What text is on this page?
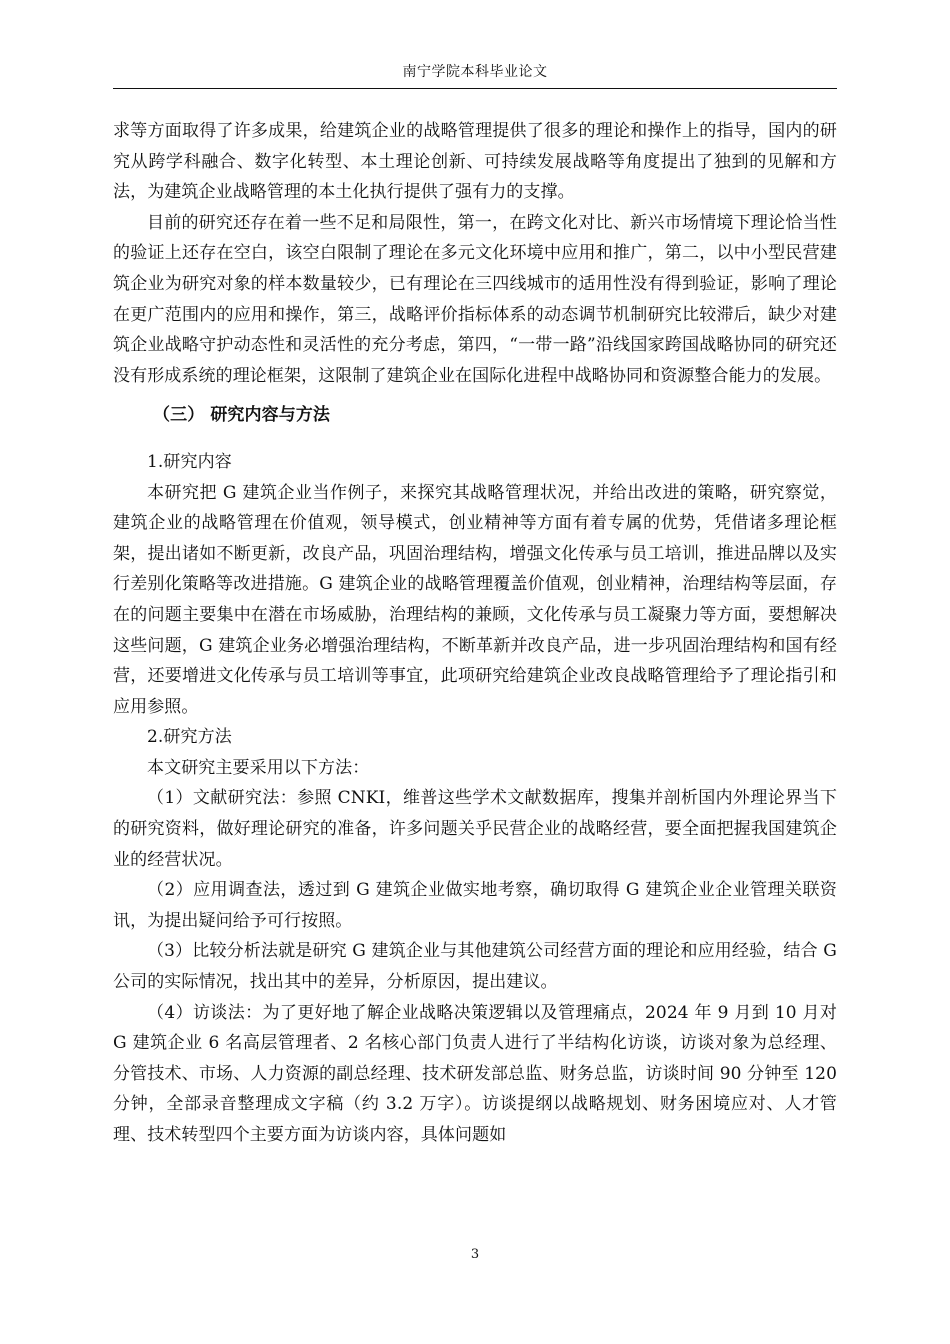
南宁学院本科毕业论文

求等方面取得了许多成果，给建筑企业的战略管理提供了很多的理论和操作上的指导，国内的研究从跨学科融合、数字化转型、本土理论创新、可持续发展战略等角度提出了独到的见解和方法，为建筑企业战略管理的本土化执行提供了强有力的支撑。

目前的研究还存在着一些不足和局限性，第一，在跨文化对比、新兴市场情境下理论恰当性的验证上还存在空白，该空白限制了理论在多元文化环境中应用和推广，第二，以中小型民营建筑企业为研究对象的样本数量较少，已有理论在三四线城市的适用性没有得到验证，影响了理论在更广范围内的应用和操作，第三，战略评价指标体系的动态调节机制研究比较滞后，缺少对建筑企业战略守护动态性和灵活性的充分考虑，第四，“一带一路”沿线国家跨国战略协同的研究还没有形成系统的理论框架，这限制了建筑企业在国际化进程中战略协同和资源整合能力的发展。

（三） 研究内容与方法

1.研究内容

本研究把 G 建筑企业当作例子，来探究其战略管理状况，并给出改进的策略，研究察觉，建筑企业的战略管理在价值观，领导模式，创业精神等方面有着专属的优势，凭借诸多理论框架，提出诸如不断更新，改良产品，巩固治理结构，增强文化传承与员工培训，推进品牌以及实行差别化策略等改进措施。G 建筑企业的战略管理覆盖价值观，创业精神，治理结构等层面，存在的问题主要集中在潜在市场威胁，治理结构的兼顾，文化传承与员工凝聚力等方面，要想解决这些问题，G 建筑企业务必增强治理结构，不断革新并改良产品，进一步巩固治理结构和国有经营，还要增进文化传承与员工培训等事宜，此项研究给建筑企业改良战略管理给予了理论指引和应用参照。

2.研究方法

本文研究主要采用以下方法：

（1）文献研究法：参照 CNKI，维普这些学术文献数据库，搜集并剖析国内外理论界当下的研究资料，做好理论研究的准备，许多问题关乎民营企业的战略经营，要全面把握我国建筑企业的经营状况。

（2）应用调查法，透过到 G 建筑企业做实地考察，确切取得 G 建筑企业企业管理关联资讯，为提出疑问给予可行按照。

（3）比较分析法就是研究 G 建筑企业与其他建筑公司经营方面的理论和应用经验，结合 G 公司的实际情况，找出其中的差异，分析原因，提出建议。

（4）访谈法：为了更好地了解企业战略决策逻辑以及管理痛点，2024 年 9 月到 10 月对 G 建筑企业 6 名高层管理者、2 名核心部门负责人进行了半结构化访谈，访谈对象为总经理、分管技术、市场、人力资源的副总经理、技术研发部总监、财务总监，访谈时间 90 分钟至 120 分钟，全部录音整理成文字稿（约 3.2 万字）。访谈提纲以战略规划、财务困境应对、人才管理、技术转型四个主要方面为访谈内容，具体问题如

3
